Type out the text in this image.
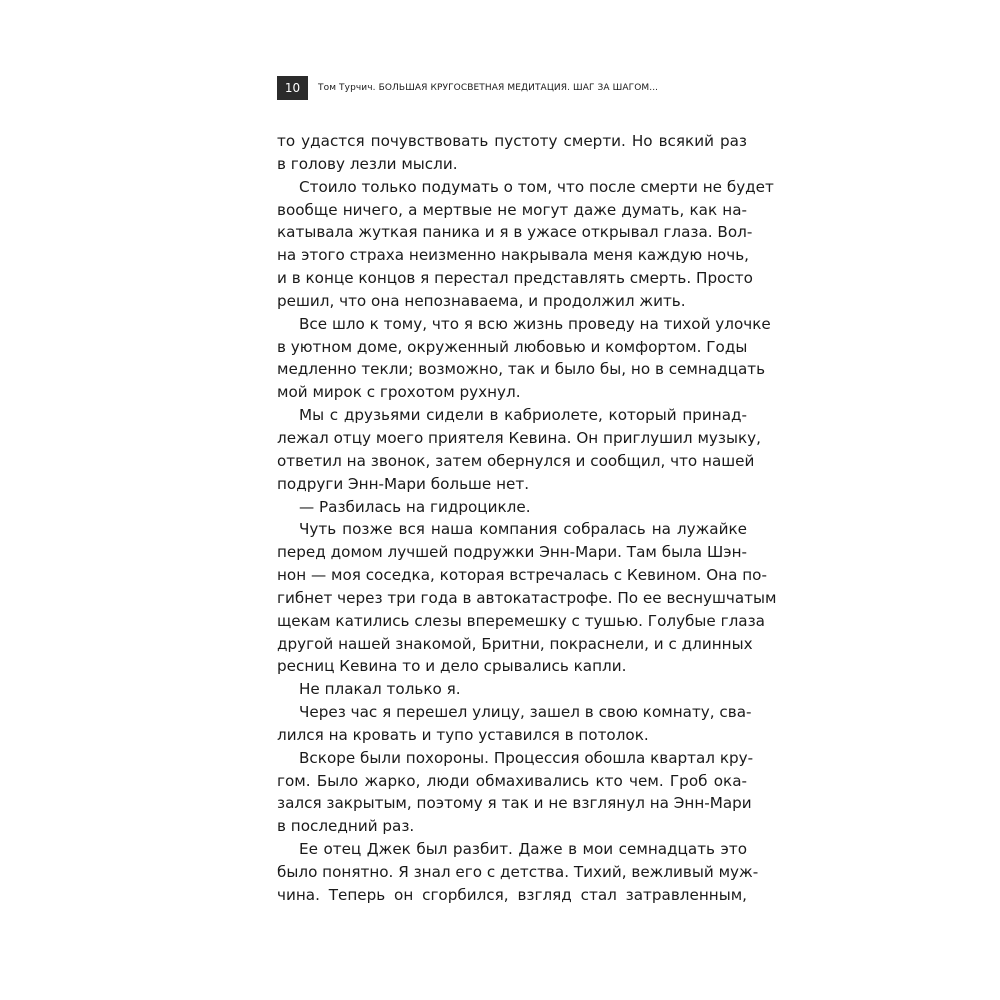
10	Том Турчич. БОЛЬШАЯ КРУГОСВЕТНАЯ МЕДИТАЦИЯ. ШАГ ЗА ШАГОМ...
то удастся почувствовать пустоту смерти. Но всякий раз
в голову лезли мысли.
Стоило только подумать о том, что после смерти не будет
вообще ничего, а мертвые не могут даже думать, как на-
катывала жуткая паника и я в ужасе открывал глаза. Вол-
на этого страха неизменно накрывала меня каждую ночь,
и в конце концов я перестал представлять смерть. Просто
решил, что она непознаваема, и продолжил жить.
Все шло к тому, что я всю жизнь проведу на тихой улочке
в уютном доме, окруженный любовью и комфортом. Годы
медленно текли; возможно, так и было бы, но в семнадцать
мой мирок с грохотом рухнул.
Мы с друзьями сидели в кабриолете, который принад-
лежал отцу моего приятеля Кевина. Он приглушил музыку,
ответил на звонок, затем обернулся и сообщил, что нашей
подруги Энн-Мари больше нет.
— Разбилась на гидроцикле.
Чуть позже вся наша компания собралась на лужайке
перед домом лучшей подружки Энн-Мари. Там была Шэн-
нон — моя соседка, которая встречалась с Кевином. Она по-
гибнет через три года в автокатастрофе. По ее веснушчатым
щекам катились слезы вперемешку с тушью. Голубые глаза
другой нашей знакомой, Бритни, покраснели, и с длинных
ресниц Кевина то и дело срывались капли.
Не плакал только я.
Через час я перешел улицу, зашел в свою комнату, сва-
лился на кровать и тупо уставился в потолок.
Вскоре были похороны. Процессия обошла квартал кру-
гом. Было жарко, люди обмахивались кто чем. Гроб ока-
зался закрытым, поэтому я так и не взглянул на Энн-Мари
в последний раз.
Ее отец Джек был разбит. Даже в мои семнадцать это
было понятно. Я знал его с детства. Тихий, вежливый муж-
чина. Теперь он сгорбился, взгляд стал затравленным,
